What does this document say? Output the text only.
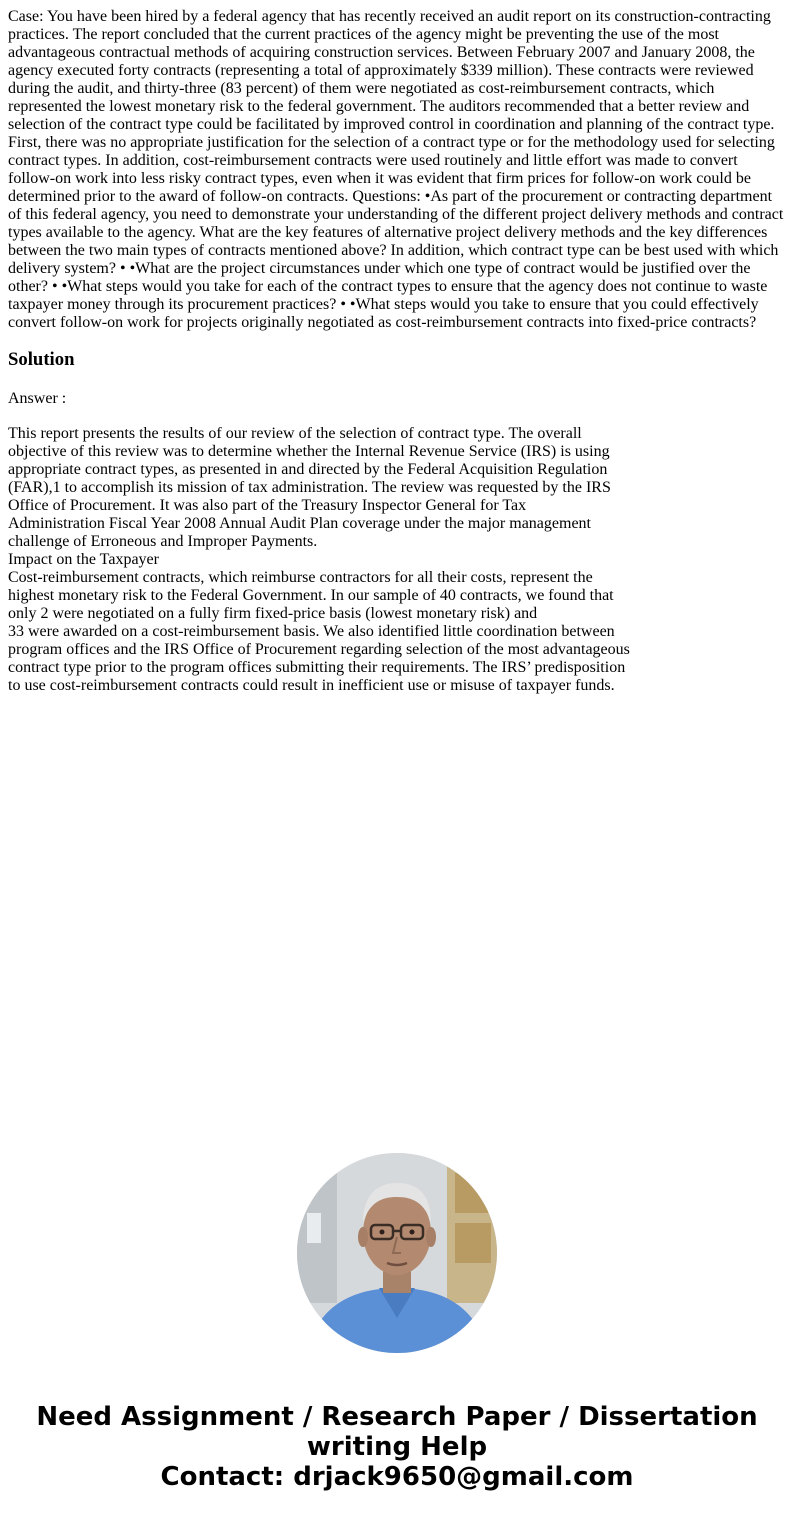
Case: You have been hired by a federal agency that has recently received an audit report on its construction-contracting practices. The report concluded that the current practices of the agency might be preventing the use of the most advantageous contractual methods of acquiring construction services. Between February 2007 and January 2008, the agency executed forty contracts (representing a total of approximately $339 million). These contracts were reviewed during the audit, and thirty-three (83 percent) of them were negotiated as cost-reimbursement contracts, which represented the lowest monetary risk to the federal government. The auditors recommended that a better review and selection of the contract type could be facilitated by improved control in coordination and planning of the contract type. First, there was no appropriate justification for the selection of a contract type or for the methodology used for selecting contract types. In addition, cost-reimbursement contracts were used routinely and little effort was made to convert follow-on work into less risky contract types, even when it was evident that firm prices for follow-on work could be determined prior to the award of follow-on contracts. Questions: •As part of the procurement or contracting department of this federal agency, you need to demonstrate your understanding of the different project delivery methods and contract types available to the agency. What are the key features of alternative project delivery methods and the key differences between the two main types of contracts mentioned above? In addition, which contract type can be best used with which delivery system? • •What are the project circumstances under which one type of contract would be justified over the other? • •What steps would you take for each of the contract types to ensure that the agency does not continue to waste taxpayer money through its procurement practices? • •What steps would you take to ensure that you could effectively convert follow-on work for projects originally negotiated as cost-reimbursement contracts into fixed-price contracts?

Solution

Answer :

This report presents the results of our review of the selection of contract type. The overall
objective of this review was to determine whether the Internal Revenue Service (IRS) is using
appropriate contract types, as presented in and directed by the Federal Acquisition Regulation
(FAR),1 to accomplish its mission of tax administration. The review was requested by the IRS
Office of Procurement. It was also part of the Treasury Inspector General for Tax
Administration Fiscal Year 2008 Annual Audit Plan coverage under the major management
challenge of Erroneous and Improper Payments.
Impact on the Taxpayer
Cost-reimbursement contracts, which reimburse contractors for all their costs, represent the
highest monetary risk to the Federal Government. In our sample of 40 contracts, we found that
only 2 were negotiated on a fully firm fixed-price basis (lowest monetary risk) and
33 were awarded on a cost-reimbursement basis. We also identified little coordination between
program offices and the IRS Office of Procurement regarding selection of the most advantageous
contract type prior to the program offices submitting their requirements. The IRS’ predisposition
to use cost-reimbursement contracts could result in inefficient use or misuse of taxpayer funds.
Need Assignment / Research Paper / Dissertation
writing Help
Contact: drjack9650@gmail.com
